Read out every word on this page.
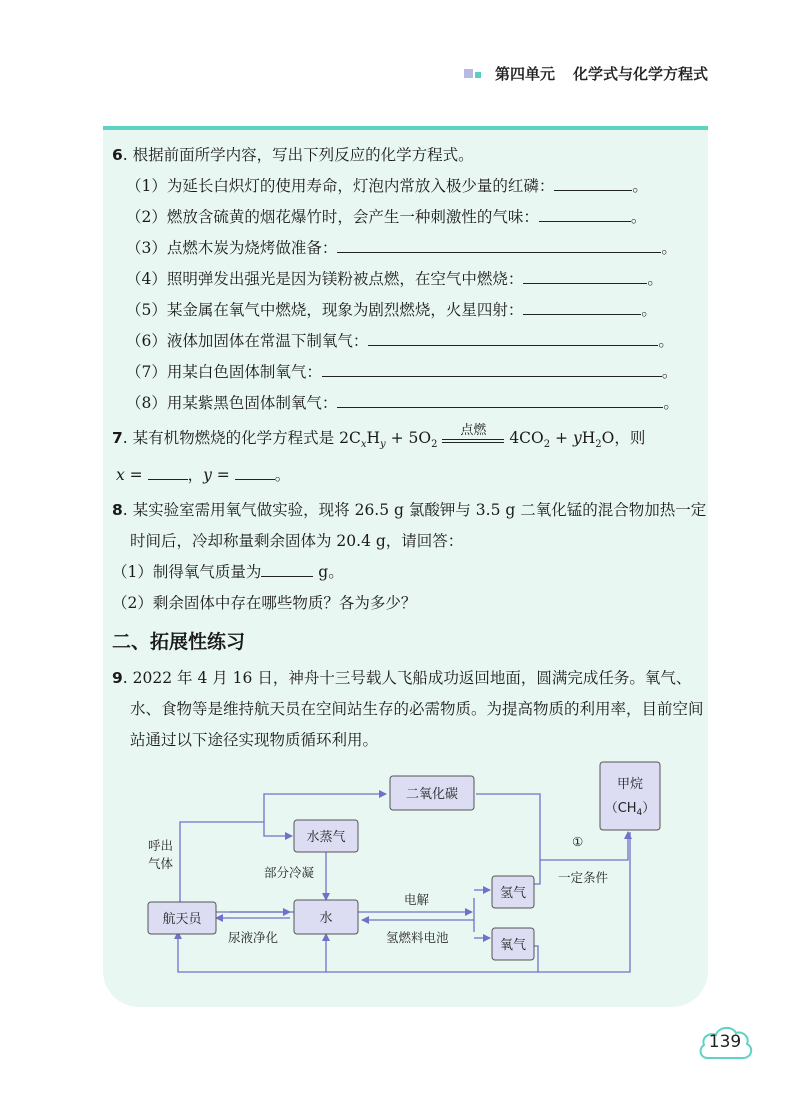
第四单元 化学式与化学方程式
6. 根据前面所学内容，写出下列反应的化学方程式。
（1）为延长白炽灯的使用寿命，灯泡内常放入极少量的红磷：	。
（2）燃放含硫黄的烟花爆竹时，会产生一种刺激性的气味：	。
（3）点燃木炭为烧烤做准备：	。
（4）照明弹发出强光是因为镁粉被点燃，在空气中燃烧：	。
（5）某金属在氧气中燃烧，现象为剧烈燃烧，火星四射：	。
（6）液体加固体在常温下制氧气：	。
（7）用某白色固体制氧气：	。
（8）用某紫黑色固体制氧气：	。
7. 某有机物燃烧的化学方程式是 $2C_xH_y + 5O_2$
点燃	$4CO_2 + yH_2O$，则
x =	，y =	。
8. 某实验室需用氧气做实验，现将 26.5 g 氯酸钾与 3.5 g 二氧化锰的混合物加热一定时间后，冷却称量剩余固体为 20.4 g，请回答：
（1）制得氧气质量为	g。
（2）剩余固体中存在哪些物质？各为多少？
二、拓展性练习
9. 2022 年 4 月 16 日，神舟十三号载人飞船成功返回地面，圆满完成任务。氧气、水、食物等是维持航天员在空间站生存的必需物质。为提高物质的利用率，目前空间站通过以下途径实现物质循环利用。
二氧化碳
甲烷
$(CH_4)$
水蒸气
航天员	水
氢气
氧气
呼出
气体
部分冷凝
①
一定条件
电解
尿液净化	氢燃料电池
139
